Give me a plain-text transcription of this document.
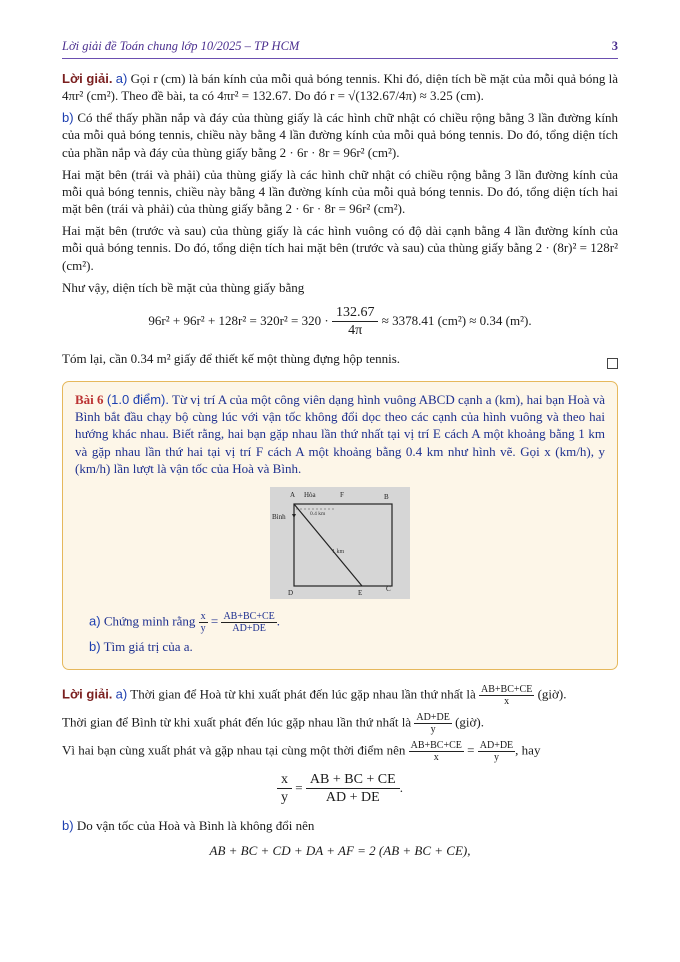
Lời giải đề Toán chung lớp 10/2025 – TP HCM	3

Lời giải. a) Gọi r (cm) là bán kính của mỗi quả bóng tennis. Khi đó, diện tích bề mặt của mỗi quả bóng là 4πr² (cm²). Theo đề bài, ta có 4πr² = 132.67. Do đó r = √(132.67/4π) ≈ 3.25 (cm).

b) Có thể thấy phần nắp và đáy của thùng giấy là các hình chữ nhật có chiều rộng bằng 3 lần đường kính của mỗi quả bóng tennis, chiều này bằng 4 lần đường kính của mỗi quả bóng tennis. Do đó, tổng diện tích của phần nắp và đáy của thùng giấy bằng 2 · 6r · 8r = 96r² (cm²).

Hai mặt bên (trái và phải) của thùng giấy là các hình chữ nhật có chiều rộng bằng 3 lần đường kính của mỗi quả bóng tennis, chiều này bằng 4 lần đường kính của mỗi quả bóng tennis. Do đó, tổng diện tích hai mặt bên (trái và phải) của thùng giấy bằng 2 · 6r · 8r = 96r² (cm²).

Hai mặt bên (trước và sau) của thùng giấy là các hình vuông có độ dài cạnh bằng 4 lần đường kính của mỗi quả bóng tennis. Do đó, tổng diện tích hai mặt bên (trước và sau) của thùng giấy bằng 2 · (8r)² = 128r² (cm²).

Như vậy, diện tích bề mặt của thùng giấy bằng

$96r^2 + 96r^2 + 128r^2 = 320r^2 = 320 \cdot \frac{132.67}{4\pi} \approx 3378.41$ (cm²) ≈ 0.34 (m²).

Tóm lại, cần 0.34 m² giấy để thiết kế một thùng đựng hộp tennis.

Bài 6 (1.0 điểm). Từ vị trí A của một công viên dạng hình vuông ABCD cạnh a (km), hai bạn Hoà và Bình bắt đầu chạy bộ cùng lúc với vận tốc không đổi dọc theo các cạnh của hình vuông và theo hai hướng khác nhau. Biết rằng, hai bạn gặp nhau lần thứ nhất tại vị trí E cách A một khoảng bằng 1 km và gặp nhau lần thứ hai tại vị trí F cách A một khoảng bằng 0.4 km như hình vẽ. Gọi x (km/h), y (km/h) lần lượt là vận tốc của Hoà và Bình.

A Hòa	F	B
Bình	0.4 km
1 km
D	E	C

a) Chứng minh rằng $\frac{x}{y} = \frac{AB+BC+CE}{AD+DE}$ .

b) Tìm giá trị của a.

Lời giải. a) Thời gian để Hoà từ khi xuất phát đến lúc gặp nhau lần thứ nhất là $\frac{AB+BC+CE}{x}$ (giờ).

Thời gian để Bình từ khi xuất phát đến lúc gặp nhau lần thứ nhất là $\frac{AD+DE}{y}$ (giờ).

Vì hai bạn cùng xuất phát và gặp nhau tại cùng một thời điểm nên $\frac{AB+BC+CE}{x} = \frac{AD+DE}{y}$ , hay

$\frac{x}{y} = \frac{AB + BC + CE}{AD + DE}$ .

b) Do vận tốc của Hoà và Bình là không đổi nên

AB + BC + CD + DA + AF = 2 (AB + BC + CE),
